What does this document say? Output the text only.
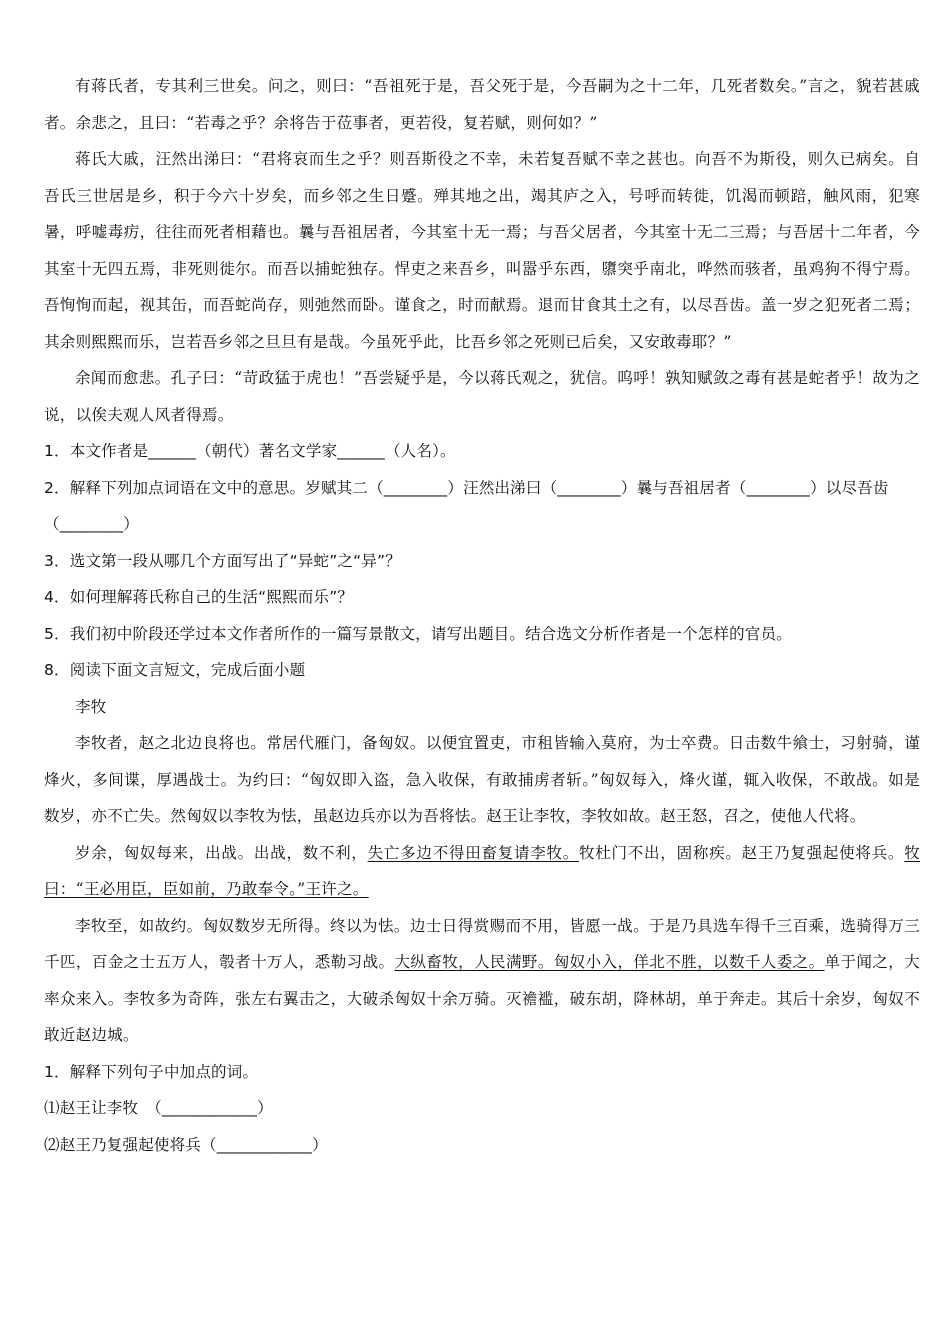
有蒋氏者，专其利三世矣。问之，则曰：“吾祖死于是，吾父死于是，今吾嗣为之十二年，几死者数矣。”言之，貌若甚戚者。余悲之，且曰：“若毒之乎？余将告于莅事者，更若役，复若赋，则何如？”

蒋氏大戚，汪然出涕曰：“君将哀而生之乎？则吾斯役之不幸，未若复吾赋不幸之甚也。向吾不为斯役，则久已病矣。自吾氏三世居是乡，积于今六十岁矣，而乡邻之生日蹙。殚其地之出，竭其庐之入，号呼而转徙，饥渴而顿踣，触风雨，犯寒暑，呼嘘毒疠，往往而死者相藉也。曩与吾祖居者，今其室十无一焉；与吾父居者，今其室十无二三焉；与吾居十二年者，今其室十无四五焉，非死则徙尔。而吾以捕蛇独存。悍吏之来吾乡，叫嚣乎东西，隳突乎南北，哗然而骇者，虽鸡狗不得宁焉。吾恂恂而起，视其缶，而吾蛇尚存，则弛然而卧。谨食之，时而献焉。退而甘食其土之有，以尽吾齿。盖一岁之犯死者二焉；其余则熙熙而乐，岂若吾乡邻之旦旦有是哉。今虽死乎此，比吾乡邻之死则已后矣，又安敢毒耶？”

余闻而愈悲。孔子曰：“苛政猛于虎也！”吾尝疑乎是，今以蒋氏观之，犹信。呜呼！孰知赋敛之毒有甚是蛇者乎！故为之说，以俟夫观人风者得焉。

1．本文作者是______（朝代）著名文学家______（人名）。

2．解释下列加点词语在文中的意思。岁赋其二（________）汪然出涕曰（________）曩与吾祖居者（________）以尽吾齿（________）

3．选文第一段从哪几个方面写出了“异蛇”之“异”？

4．如何理解蒋氏称自己的生活“熙熙而乐”？

5．我们初中阶段还学过本文作者所作的一篇写景散文，请写出题目。结合选文分析作者是一个怎样的官员。

8．阅读下面文言短文，完成后面小题

李牧

李牧者，赵之北边良将也。常居代雁门，备匈奴。以便宜置吏，市租皆输入莫府，为士卒费。日击数牛飨士，习射骑，谨烽火，多间谍，厚遇战士。为约曰：“匈奴即入盗，急入收保，有敢捕虏者斩。”匈奴每入，烽火谨，辄入收保，不敢战。如是数岁，亦不亡失。然匈奴以李牧为怯，虽赵边兵亦以为吾将怯。赵王让李牧，李牧如故。赵王怒，召之，使他人代将。

岁余，匈奴每来，出战。出战，数不利，失亡多边不得田畜复请李牧。牧杜门不出，固称疾。赵王乃复强起使将兵。牧曰：“王必用臣，臣如前，乃敢奉令。”王许之。

李牧至，如故约。匈奴数岁无所得。终以为怯。边士日得赏赐而不用，皆愿一战。于是乃具选车得千三百乘，选骑得万三千匹，百金之士五万人，彀者十万人，悉勒习战。大纵畜牧，人民满野。匈奴小入，佯北不胜，以数千人委之。单于闻之，大率众来入。李牧多为奇阵，张左右翼击之，大破杀匈奴十余万骑。灭襜褴，破东胡，降林胡，单于奔走。其后十余岁，匈奴不敢近赵边城。

1．解释下列句子中加点的词。

⑴赵王让李牧　（____________）

⑵赵王乃复强起使将兵（____________）
